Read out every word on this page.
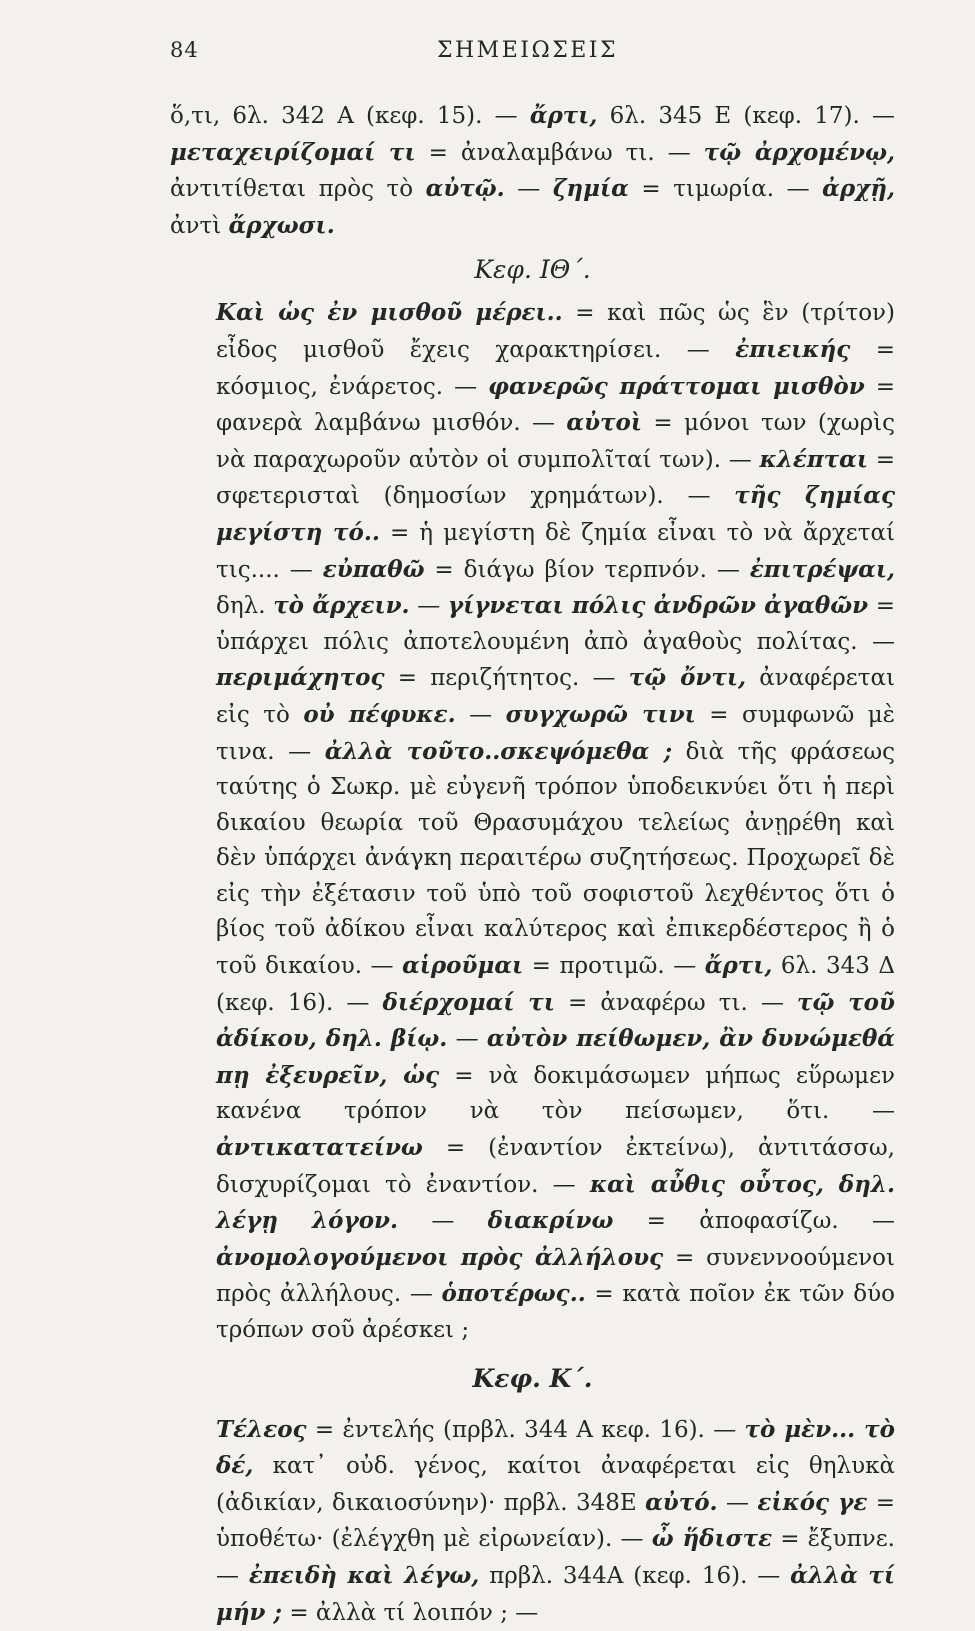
84	ΣΗΜΕΙΩΣΕΙΣ

ὅ,τι, 6λ. 342 Α (κεφ. 15). — ἄρτι, 6λ. 345 Ε (κεφ. 17). — μεταχειρίζομαί τι = ἀναλαμβάνω τι. — τῷ ἀρχομένῳ, ἀντιτίθεται πρὸς τὸ αὐτῷ. — ζημία = τιμωρία. — ἀρχῇ, ἀντὶ ἄρχωσι.

Κεφ. ΙΘ΄.

Καὶ ὡς ἐν μισθοῦ μέρει.. = καὶ πῶς ὡς ἓν (τρίτον) εἶδος μισθοῦ ἔχεις χαρακτηρίσει. — ἐπιεικής = κόσμιος, ἐνάρετος. — φανερῶς πράττομαι μισθὸν = φανερὰ λαμβάνω μισθόν. — αὐτοὶ = μόνοι των (χωρὶς νὰ παραχωροῦν αὐτὸν οἱ συμπολῖταί των). — κλέπται = σφετερισταὶ (δημοσίων χρημάτων). — τῆς ζημίας μεγίστη τό.. = ἡ μεγίστη δὲ ζημία εἶναι τὸ νὰ ἄρχεταί τις.... — εὐπαθῶ = διάγω βίον τερπνόν. — ἐπιτρέψαι, δηλ. τὸ ἄρχειν. — γίγνεται πόλις ἀνδρῶν ἀγαθῶν = ὑπάρχει πόλις ἀποτελουμένη ἀπὸ ἀγαθοὺς πολίτας. — περιμάχητος = περιζήτητος. — τῷ ὄντι, ἀναφέρεται εἰς τὸ οὐ πέφυκε. — συγχωρῶ τινι = συμφωνῶ μὲ τινα. — ἀλλὰ τοῦτο..σκεψόμεθα ; διὰ τῆς φράσεως ταύτης ὁ Σωκρ. μὲ εὐγενῆ τρόπον ὑποδεικνύει ὅτι ἡ περὶ δικαίου θεωρία τοῦ Θρασυμάχου τελείως ἀνῃρέθη καὶ δὲν ὑπάρχει ἀνάγκη περαιτέρω συζητήσεως. Προχωρεῖ δὲ εἰς τὴν ἐξέτασιν τοῦ ὑπὸ τοῦ σοφιστοῦ λεχθέντος ὅτι ὁ βίος τοῦ ἀδίκου εἶναι καλύτερος καὶ ἐπικερδέστερος ἢ ὁ τοῦ δικαίου. — αἱροῦμαι = προτιμῶ. — ἄρτι, 6λ. 343 Δ (κεφ. 16). — διέρχομαί τι = ἀναφέρω τι. — τῷ τοῦ ἀδίκου, δηλ. βίῳ. — αὐτὸν πείθωμεν, ἂν δυνώμεθά πῃ ἐξευρεῖν, ὡς = νὰ δοκιμάσωμεν μήπως εὕρωμεν κανένα τρόπον νὰ τὸν πείσωμεν, ὅτι. — ἀντικατατείνω = (ἐναντίον ἐκτείνω), ἀντιτάσσω, δισχυρίζομαι τὸ ἐναντίον. — καὶ αὖθις οὗτος, δηλ. λέγῃ λόγον. — διακρίνω = ἀποφασίζω. — ἀνομολογούμενοι πρὸς ἀλλήλους = συνεννοούμενοι πρὸς ἀλλήλους. — ὁποτέρως.. = κατὰ ποῖον ἐκ τῶν δύο τρόπων σοῦ ἀρέσκει ;

Κεφ. Κ΄.

Τέλεος = ἐντελής (πρβλ. 344 Α κεφ. 16). — τὸ μὲν... τὸ δέ, κατ᾽ οὐδ. γένος, καίτοι ἀναφέρεται εἰς θηλυκὰ (ἀδικίαν, δικαιοσύνην)· πρβλ. 348Ε αὐτό. — εἰκός γε = ὑποθέτω· (ἐλέγχθη μὲ εἰρωνείαν). — ὦ ἥδιστε = ἔξυπνε. — ἐπειδὴ καὶ λέγω, πρβλ. 344Α (κεφ. 16). — ἀλλὰ τί μήν ; = ἀλλὰ τί λοιπόν ; —
